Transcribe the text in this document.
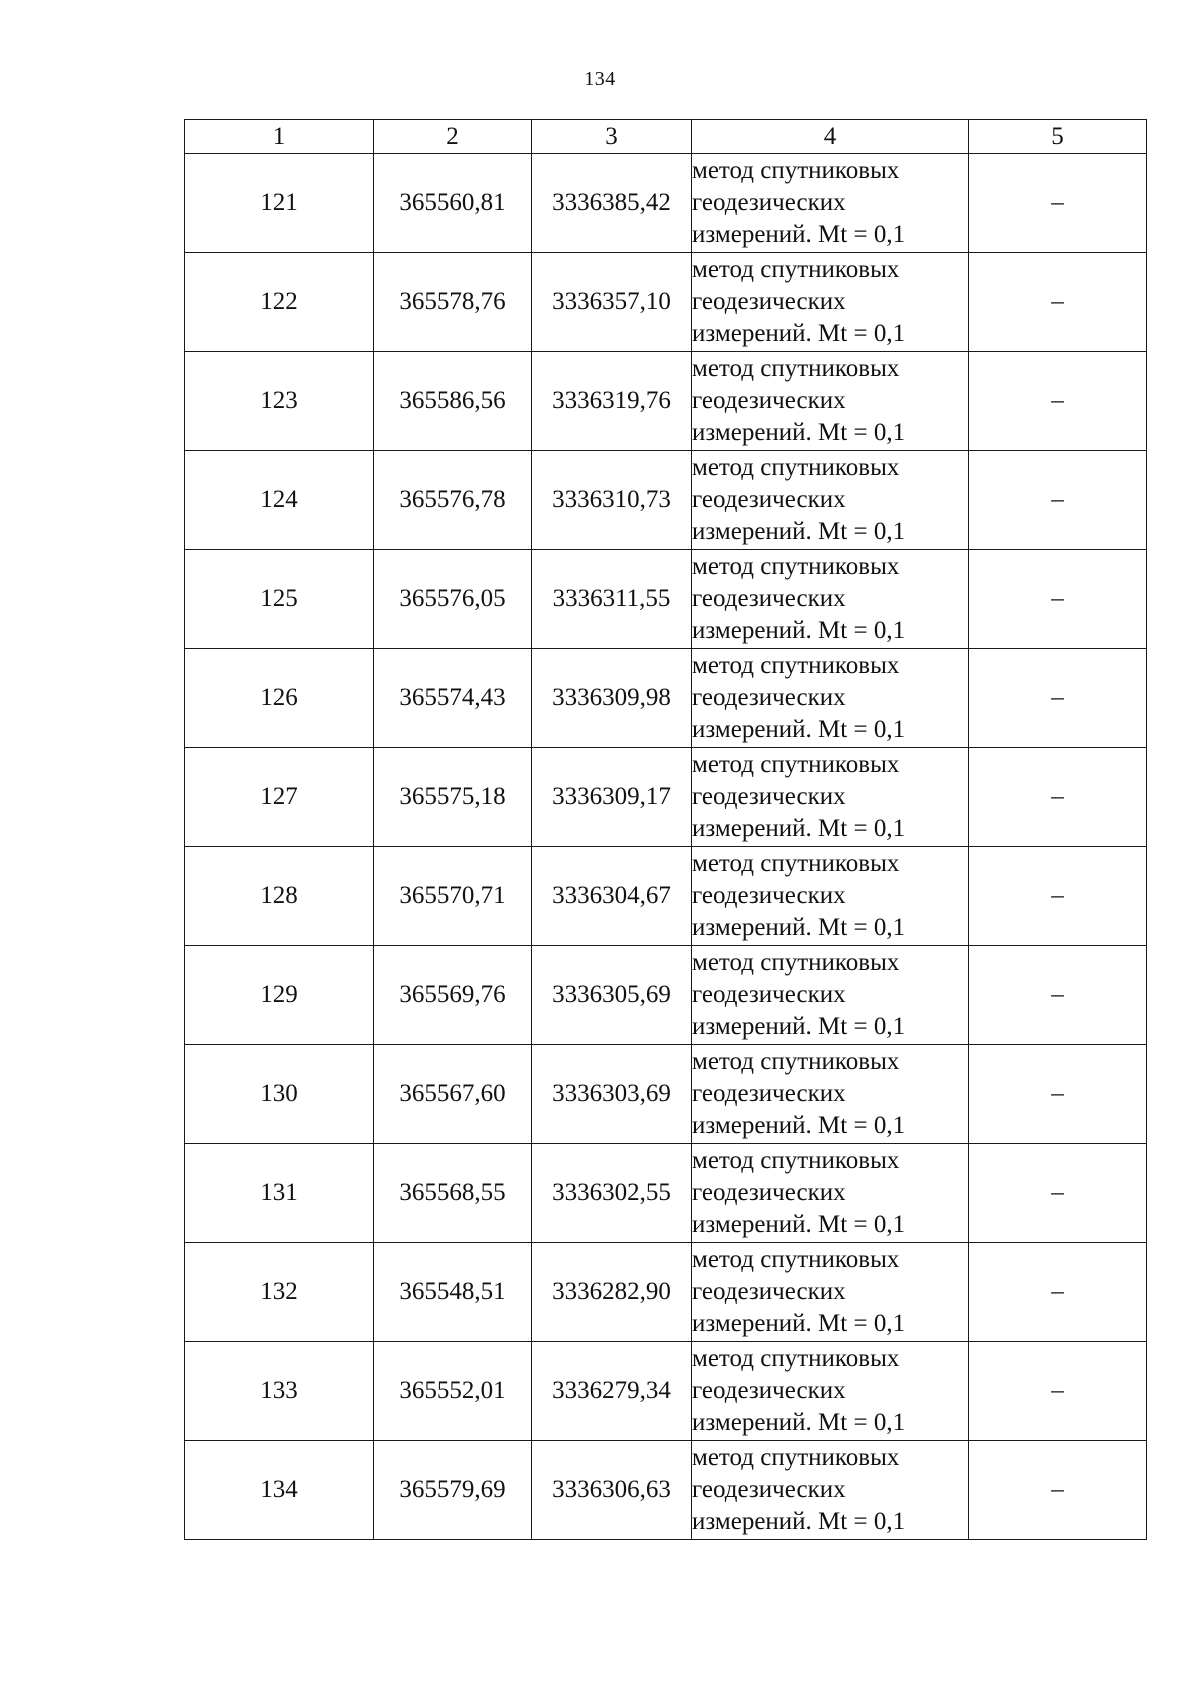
134
1	2	3	4	5
121	365560,81	3336385,42	метод спутниковых
геодезических
измерений. Mt = 0,1	–
122	365578,76	3336357,10	метод спутниковых
геодезических
измерений. Mt = 0,1	–
123	365586,56	3336319,76	метод спутниковых
геодезических
измерений. Mt = 0,1	–
124	365576,78	3336310,73	метод спутниковых
геодезических
измерений. Mt = 0,1	–
125	365576,05	3336311,55	метод спутниковых
геодезических
измерений. Mt = 0,1	–
126	365574,43	3336309,98	метод спутниковых
геодезических
измерений. Mt = 0,1	–
127	365575,18	3336309,17	метод спутниковых
геодезических
измерений. Mt = 0,1	–
128	365570,71	3336304,67	метод спутниковых
геодезических
измерений. Mt = 0,1	–
129	365569,76	3336305,69	метод спутниковых
геодезических
измерений. Mt = 0,1	–
130	365567,60	3336303,69	метод спутниковых
геодезических
измерений. Mt = 0,1	–
131	365568,55	3336302,55	метод спутниковых
геодезических
измерений. Mt = 0,1	–
132	365548,51	3336282,90	метод спутниковых
геодезических
измерений. Mt = 0,1	–
133	365552,01	3336279,34	метод спутниковых
геодезических
измерений. Mt = 0,1	–
134	365579,69	3336306,63	метод спутниковых
геодезических
измерений. Mt = 0,1	–
